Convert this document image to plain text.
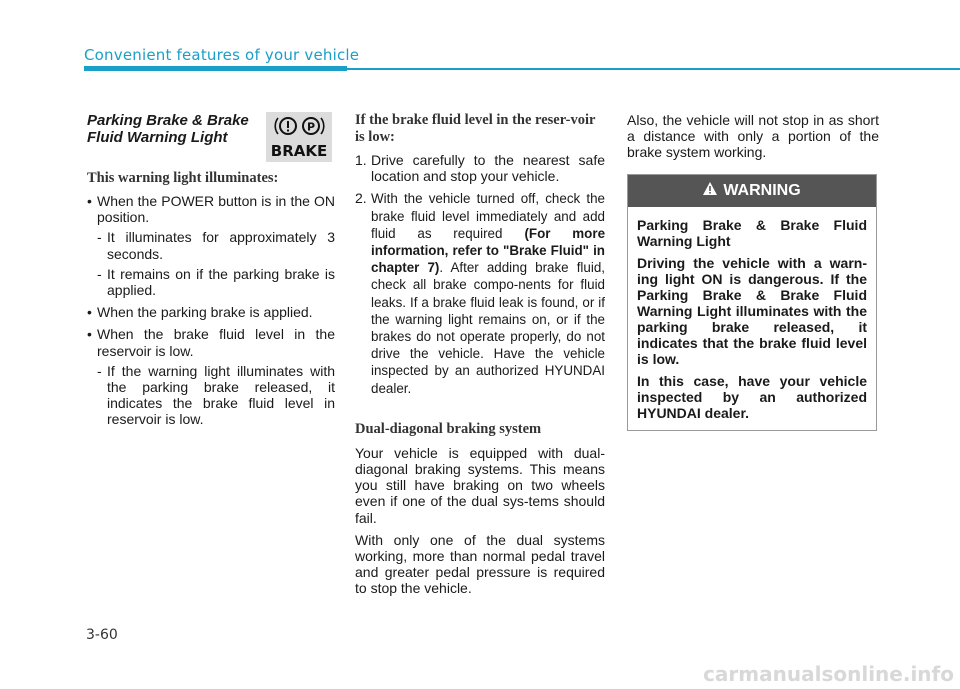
Convenient features of your vehicle
Parking Brake & Brake Fluid Warning Light
This warning light illuminates:
• When the POWER button is in the ON position.
- It illuminates for approximately 3 seconds.
- It remains on if the parking brake is applied.
• When the parking brake is applied.
• When the brake fluid level in the reservoir is low.
- If the warning light illuminates with the parking brake released, it indicates the brake fluid level in reservoir is low.
P
BRAKE
If the brake fluid level in the reser-voir is low:
1. Drive carefully to the nearest safe location and stop your vehicle.
2. With the vehicle turned off, check the brake fluid level immediately and add fluid as required (For more information, refer to "Brake Fluid" in chapter 7). After adding brake fluid, check all brake compo-nents for fluid leaks. If a brake fluid leak is found, or if the warning light remains on, or if the brakes do not operate properly, do not drive the vehicle. Have the vehicle inspected by an authorized HYUNDAI dealer.
Dual-diagonal braking system

Your vehicle is equipped with dual-diagonal braking systems. This means you still have braking on two wheels even if one of the dual sys-tems should fail.

With only one of the dual systems working, more than normal pedal travel and greater pedal pressure is required to stop the vehicle.

Also, the vehicle will not stop in as short a distance with only a portion of the brake system working.

WARNING

Parking Brake & Brake Fluid Warning Light

Driving the vehicle with a warn-ing light ON is dangerous. If the Parking Brake & Brake Fluid Warning Light illuminates with the parking brake released, it indicates that the brake fluid level is low.

In this case, have your vehicle inspected by an authorized HYUNDAI dealer.

3-60
carmanualsonline.info
